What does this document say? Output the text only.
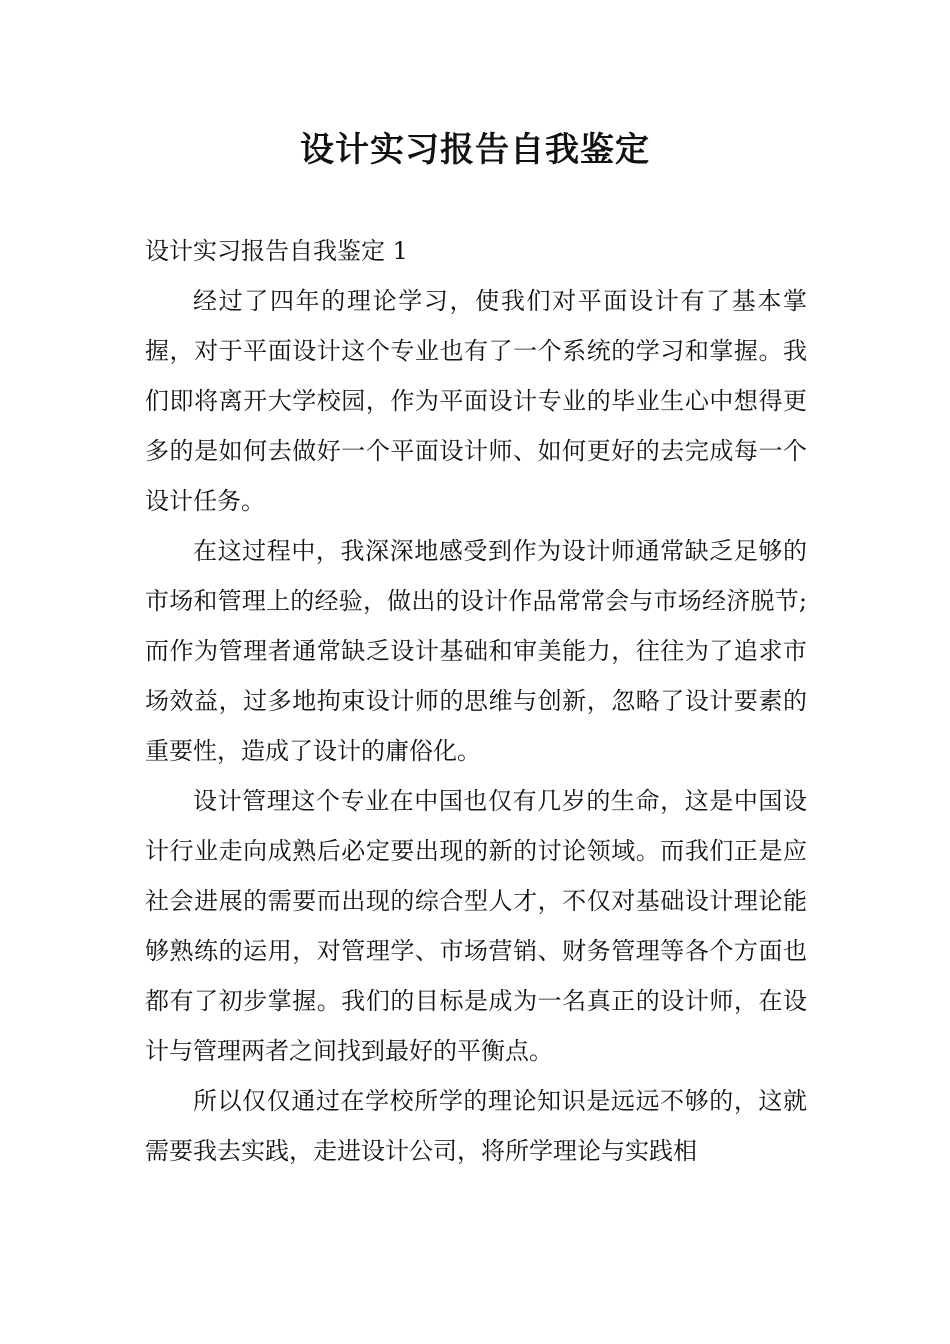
设计实习报告自我鉴定

设计实习报告自我鉴定 1

经过了四年的理论学习，使我们对平面设计有了基本掌握，对于平面设计这个专业也有了一个系统的学习和掌握。我们即将离开大学校园，作为平面设计专业的毕业生心中想得更多的是如何去做好一个平面设计师、如何更好的去完成每一个设计任务。

在这过程中，我深深地感受到作为设计师通常缺乏足够的市场和管理上的经验，做出的设计作品常常会与市场经济脱节;而作为管理者通常缺乏设计基础和审美能力，往往为了追求市场效益，过多地拘束设计师的思维与创新，忽略了设计要素的重要性，造成了设计的庸俗化。

设计管理这个专业在中国也仅有几岁的生命，这是中国设计行业走向成熟后必定要出现的新的讨论领域。而我们正是应社会进展的需要而出现的综合型人才，不仅对基础设计理论能够熟练的运用，对管理学、市场营销、财务管理等各个方面也都有了初步掌握。我们的目标是成为一名真正的设计师，在设计与管理两者之间找到最好的平衡点。

所以仅仅通过在学校所学的理论知识是远远不够的，这就需要我去实践，走进设计公司，将所学理论与实践相
